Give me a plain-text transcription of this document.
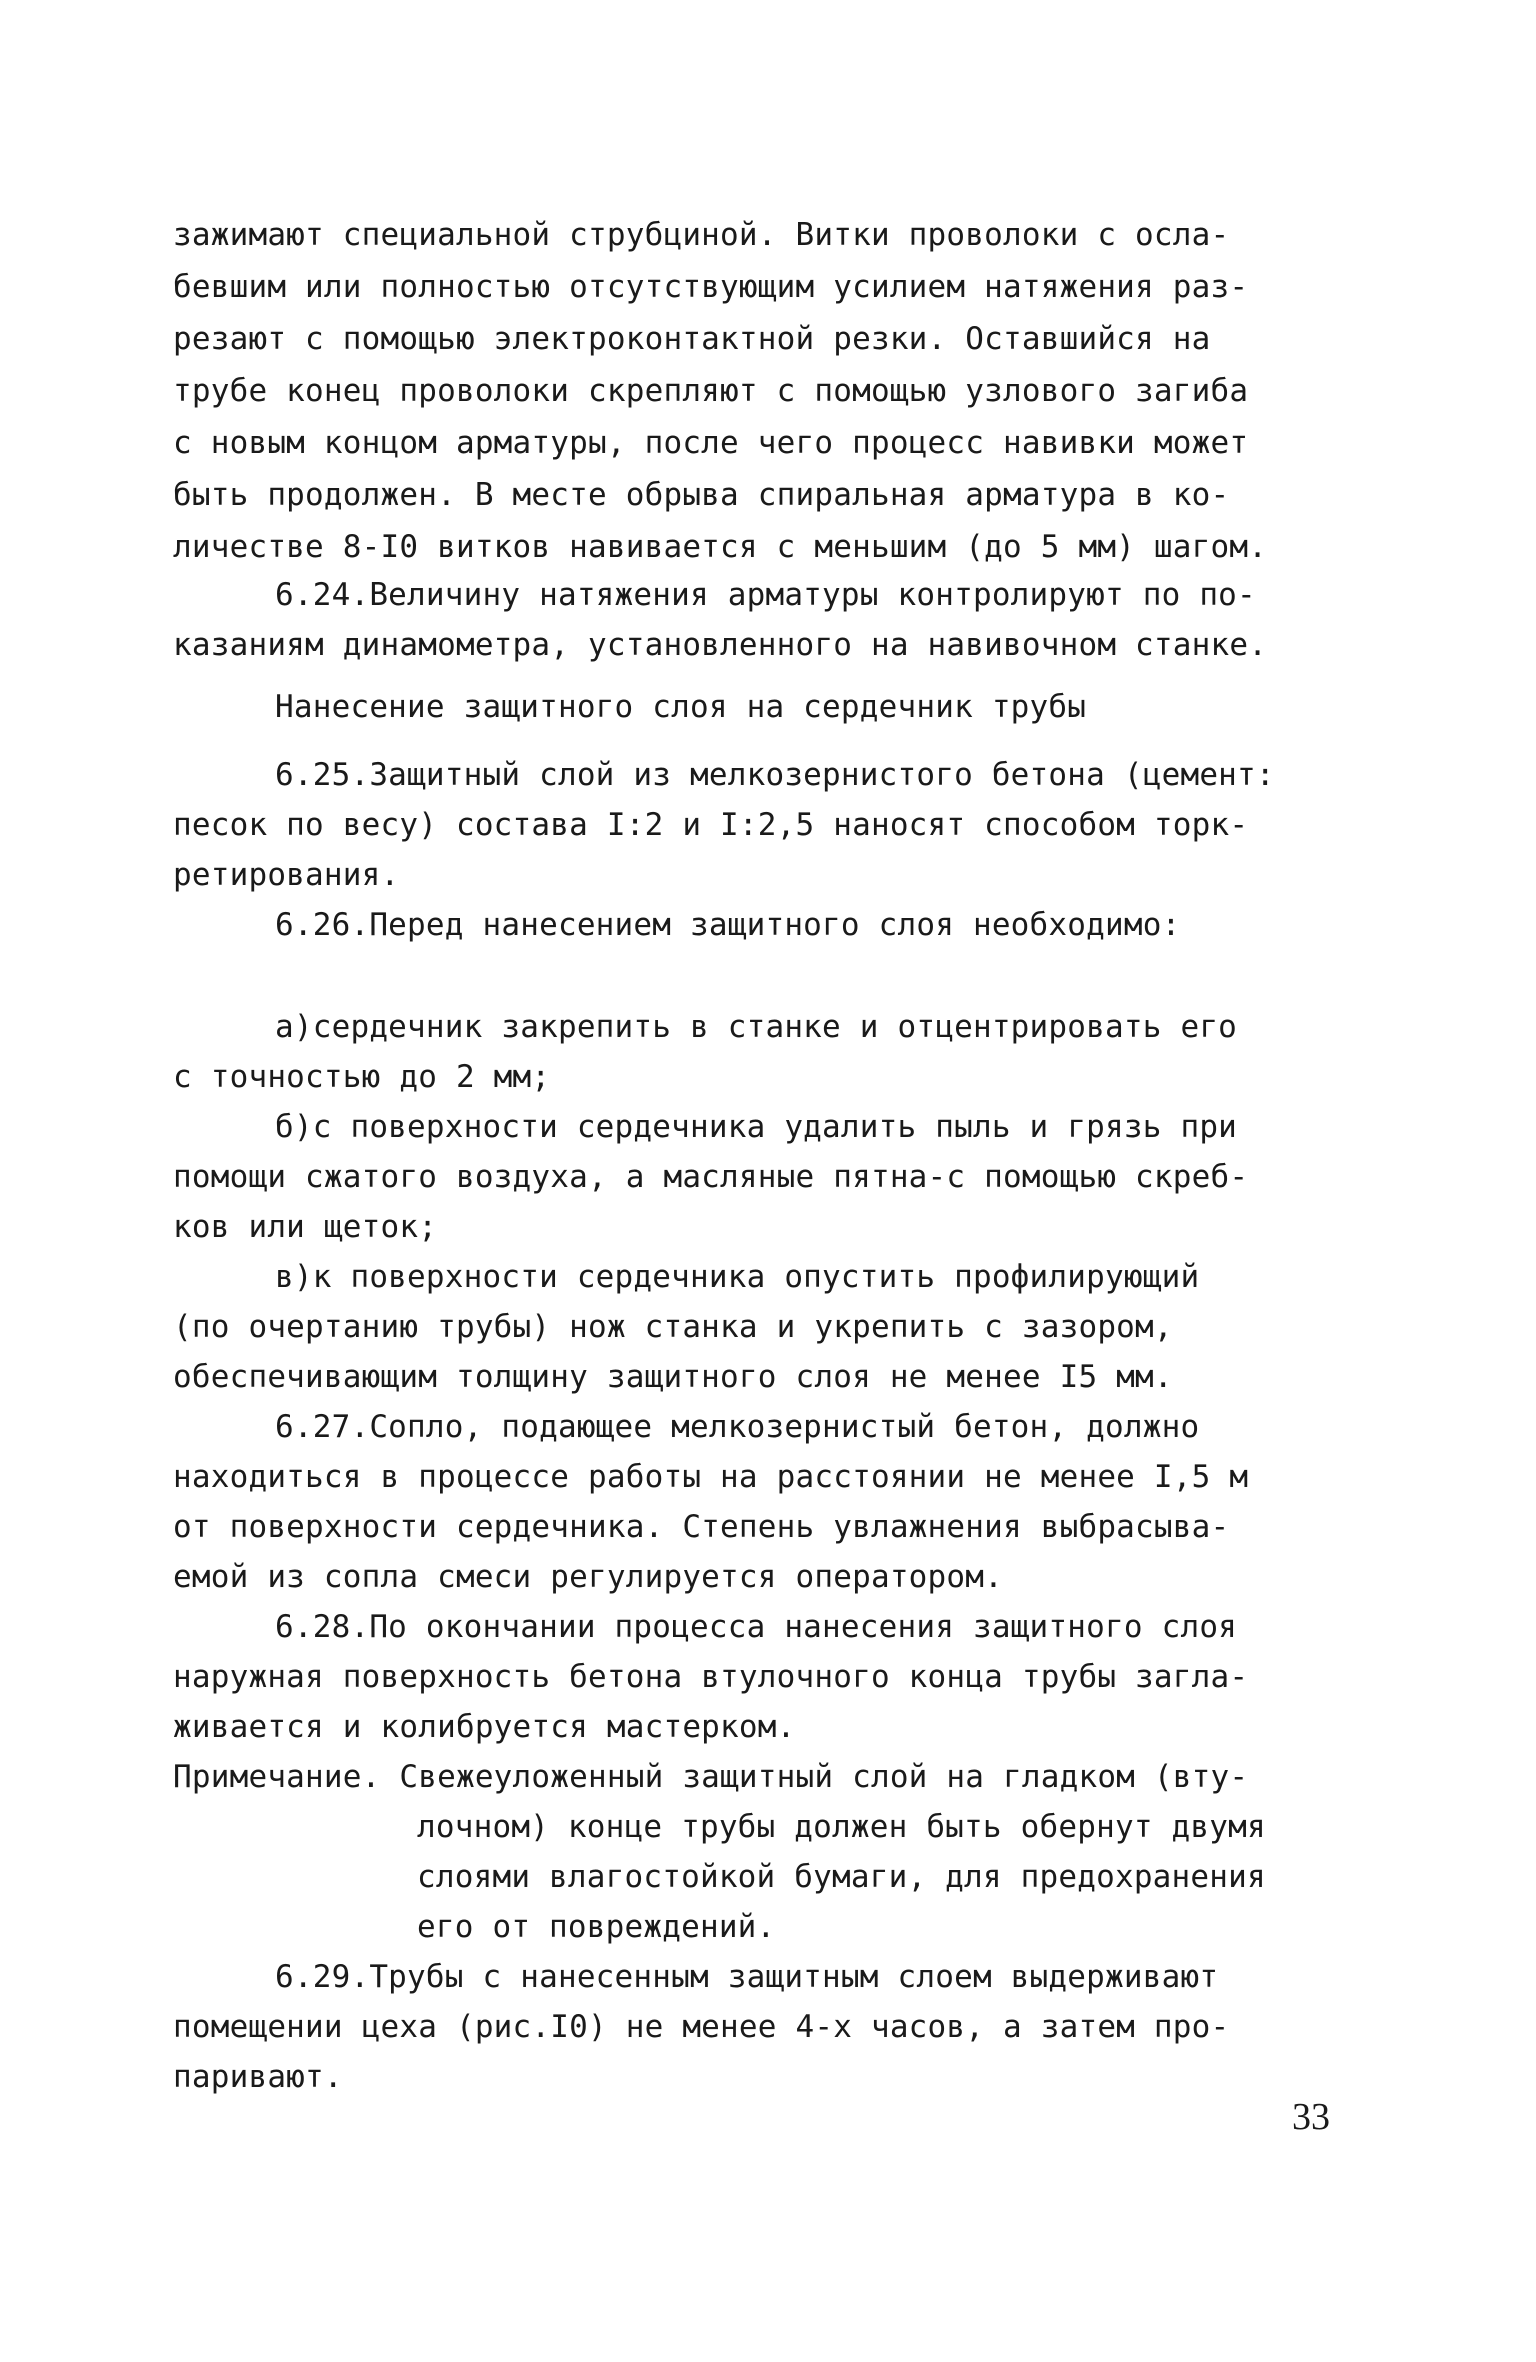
зажимают специальной струбциной. Витки проволоки с осла-
бевшим или полностью отсутствующим усилием натяжения раз-
резают с помощью электроконтактной резки. Оставшийся на
трубе конец проволоки скрепляют с помощью узлового загиба
с новым концом арматуры, после чего процесс навивки может
быть продолжен. В месте обрыва спиральная арматура в ко-
личестве 8-I0 витков навивается с меньшим (до 5 мм) шагом.
6.24.Величину натяжения арматуры контролируют по по-
казаниям динамометра, установленного на навивочном станке.
Нанесение защитного слоя на сердечник трубы
6.25.Защитный слой из мелкозернистого бетона (цемент:
песок по весу) состава I:2 и I:2,5 наносят способом торк-
ретирования.
6.26.Перед нанесением защитного слоя необходимо:
а)сердечник закрепить в станке и отцентрировать его
с точностью до 2 мм;
б)с поверхности сердечника удалить пыль и грязь при
помощи сжатого воздуха, а масляные пятна-с помощью скреб-
ков или щеток;
в)к поверхности сердечника опустить профилирующий
(по очертанию трубы) нож станка и укрепить с зазором,
обеспечивающим толщину защитного слоя не менее I5 мм.
6.27.Сопло, подающее мелкозернистый бетон, должно
находиться в процессе работы на расстоянии не менее I,5 м
от поверхности сердечника. Степень увлажнения выбрасыва-
емой из сопла смеси регулируется оператором.
6.28.По окончании процесса нанесения защитного слоя
наружная поверхность бетона втулочного конца трубы загла-
живается и колибруется мастерком.
Примечание. Свежеуложенный защитный слой на гладком (вту-
лочном) конце трубы должен быть обернут двумя
слоями влагостойкой бумаги, для предохранения
его от повреждений.
6.29.Трубы с нанесенным защитным слоем выдерживают
помещении цеха (рис.I0) не менее 4-х часов, а затем про-
паривают.
33
